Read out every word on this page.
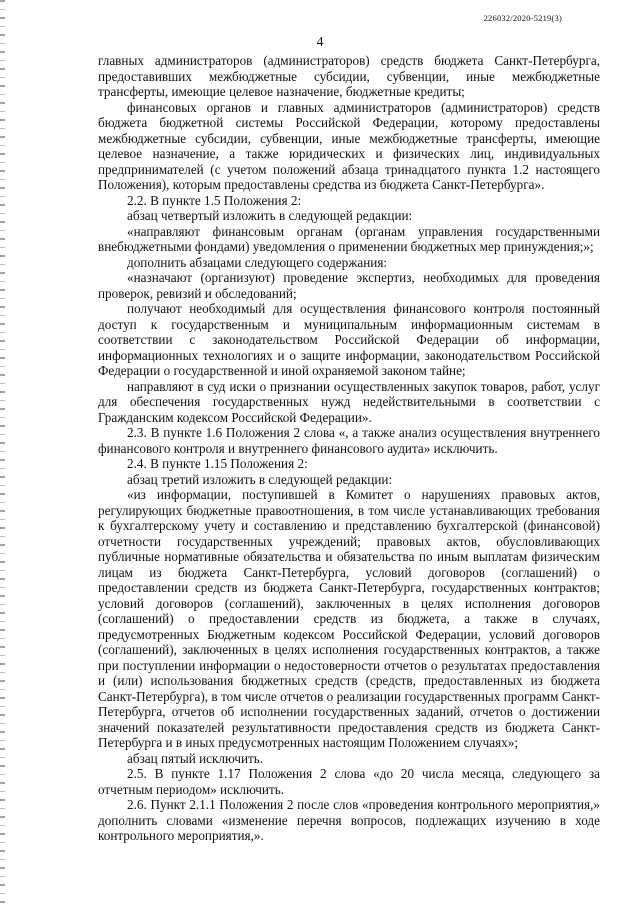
226032/2020-5219(3)
4

главных администраторов (администраторов) средств бюджета Санкт-Петербурга, предоставивших межбюджетные субсидии, субвенции, иные межбюджетные трансферты, имеющие целевое назначение, бюджетные кредиты;

финансовых органов и главных администраторов (администраторов) средств бюджета бюджетной системы Российской Федерации, которому предоставлены межбюджетные субсидии, субвенции, иные межбюджетные трансферты, имеющие целевое назначение, а также юридических и физических лиц, индивидуальных предпринимателей (с учетом положений абзаца тринадцатого пункта 1.2 настоящего Положения), которым предоставлены средства из бюджета Санкт-Петербурга».

2.2. В пункте 1.5 Положения 2:

абзац четвертый изложить в следующей редакции:

«направляют финансовым органам (органам управления государственными внебюджетными фондами) уведомления о применении бюджетных мер принуждения;»;

дополнить абзацами следующего содержания:

«назначают (организуют) проведение экспертиз, необходимых для проведения проверок, ревизий и обследований;

получают необходимый для осуществления финансового контроля постоянный доступ к государственным и муниципальным информационным системам в соответствии с законодательством Российской Федерации об информации, информационных технологиях и о защите информации, законодательством Российской Федерации о государственной и иной охраняемой законом тайне;

направляют в суд иски о признании осуществленных закупок товаров, работ, услуг для обеспечения государственных нужд недействительными в соответствии с Гражданским кодексом Российской Федерации».

2.3. В пункте 1.6 Положения 2 слова «, а также анализ осуществления внутреннего финансового контроля и внутреннего финансового аудита» исключить.

2.4. В пункте 1.15 Положения 2:

абзац третий изложить в следующей редакции:

«из информации, поступившей в Комитет о нарушениях правовых актов, регулирующих бюджетные правоотношения, в том числе устанавливающих требования к бухгалтерскому учету и составлению и представлению бухгалтерской (финансовой) отчетности государственных учреждений; правовых актов, обусловливающих публичные нормативные обязательства и обязательства по иным выплатам физическим лицам из бюджета Санкт-Петербурга, условий договоров (соглашений) о предоставлении средств из бюджета Санкт-Петербурга, государственных контрактов; условий договоров (соглашений), заключенных в целях исполнения договоров (соглашений) о предоставлении средств из бюджета, а также в случаях, предусмотренных Бюджетным кодексом Российской Федерации, условий договоров (соглашений), заключенных в целях исполнения государственных контрактов, а также при поступлении информации о недостоверности отчетов о результатах предоставления и (или) использования бюджетных средств (средств, предоставленных из бюджета Санкт-Петербурга), в том числе отчетов о реализации государственных программ Санкт-Петербурга, отчетов об исполнении государственных заданий, отчетов о достижении значений показателей результативности предоставления средств из бюджета Санкт-Петербурга и в иных предусмотренных настоящим Положением случаях»;

абзац пятый исключить.

2.5. В пункте 1.17 Положения 2 слова «до 20 числа месяца, следующего за отчетным периодом» исключить.

2.6. Пункт 2.1.1 Положения 2 после слов «проведения контрольного мероприятия,» дополнить словами «изменение перечня вопросов, подлежащих изучению в ходе контрольного мероприятия,».
